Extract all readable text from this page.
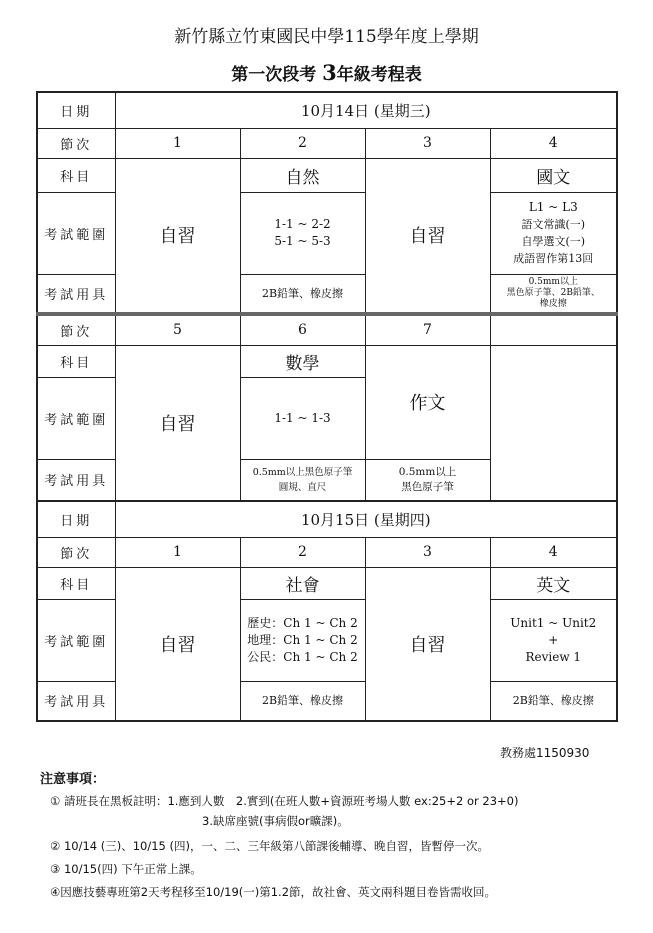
新竹縣立竹東國民中學115學年度上學期
第一次段考 3年級考程表
日期	10月14日 (星期三)			
節次	1	2	3	4
科目	自習	自然	自習	國文
考試範圍		1-1 ~ 2-2
5-1 ~ 5-3		L1 ~ L3
語文常識(一)
自學選文(一)
成語習作第13回

考試用具		2B鉛筆、橡皮擦		0.5mm以上
黑色原子筆、2B鉛筆、
橡皮擦

節次	5	6	7	
科目	自習	數學	作文	
考試範圍		1-1 ~ 1-3		
考試用具		0.5mm以上黑色原子筆
圓規、直尺	0.5mm以上
黑色原子筆	

日期	10月15日 (星期四)			
節次	1	2	3	4
科目	自習	社會	自習	英文
考試範圍		歷史：Ch 1 ~ Ch 2
地理：Ch 1 ~ Ch 2
公民：Ch 1 ~ Ch 2		Unit1 ~ Unit2
+
Review 1

考試用具		2B鉛筆、橡皮擦		2B鉛筆、橡皮擦
教務處1150930
注意事項：
① 請班長在黑板註明：1.應到人數　2.實到(在班人數+資源班考場人數 ex:25+2 or 23+0)
3.缺席座號(事病假or曠課)。
② 10/14 (三)、10/15 (四)，一、二、三年級第八節課後輔導、晚自習，皆暫停一次。
③ 10/15(四) 下午正常上課。
④因應技藝專班第2天考程移至10/19(一)第1.2節，故社會、英文兩科題目卷皆需收回。
